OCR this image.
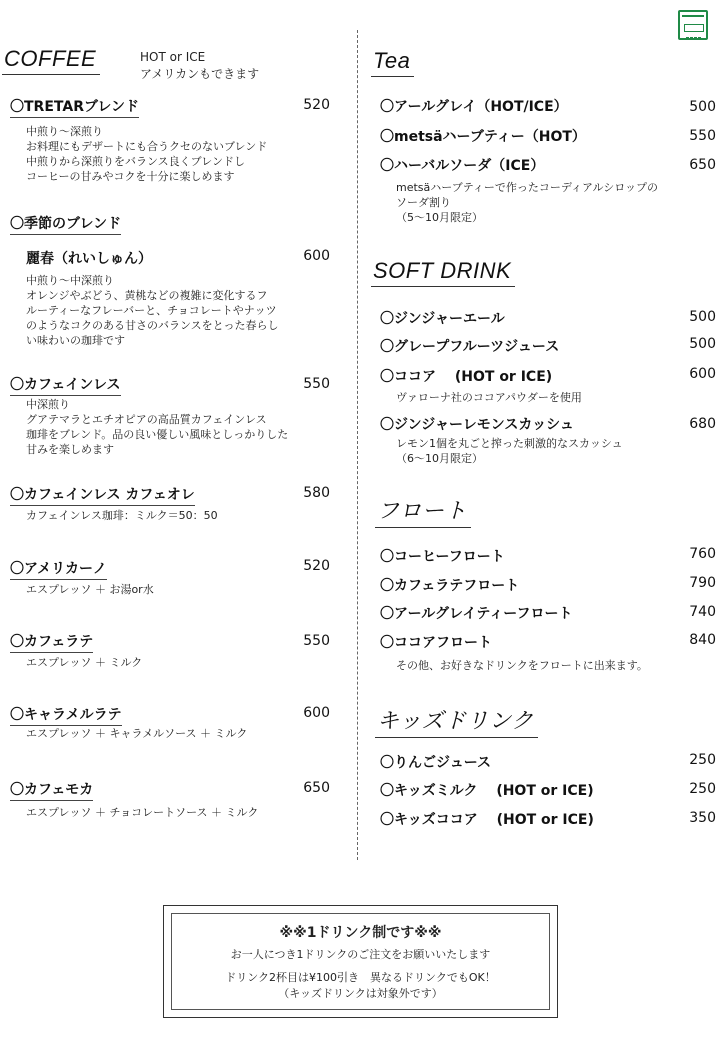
COFFEE	HOT or ICE
アメリカンもできます
〇TRETARブレンド	520
中煎り～深煎り
お料理にもデザートにも合うクセのないブレンド
中煎りから深煎りをバランス良くブレンドし
コーヒーの甘みやコクを十分に楽しめます
〇季節のブレンド
麗春（れいしゅん）	600
中煎り～中深煎り
オレンジやぶどう、黄桃などの複雑に変化するフ
ルーティーなフレーバーと、チョコレートやナッツ
のようなコクのある甘さのバランスをとった春らし
い味わいの珈琲です
〇カフェインレス	550
中深煎り
グアテマラとエチオピアの高品質カフェインレス
珈琲をブレンド。品の良い優しい風味としっかりした
甘みを楽しめます
〇カフェインレス カフェオレ	580
カフェインレス珈琲：ミルク＝50：50
〇アメリカーノ	520
エスプレッソ ＋ お湯or水
〇カフェラテ	550
エスプレッソ ＋ ミルク
〇キャラメルラテ	600
エスプレッソ ＋ キャラメルソース ＋ ミルク
〇カフェモカ	650
エスプレッソ ＋ チョコレートソース ＋ ミルク
Tea
〇アールグレイ（HOT/ICE）	500
〇metsäハーブティー（HOT）	550
〇ハーバルソーダ（ICE）	650
metsäハーブティーで作ったコーディアルシロップの
ソーダ割り
（5～10月限定）
SOFT DRINK
〇ジンジャーエール	500
〇グレープフルーツジュース	500
〇ココア　 (HOT or ICE)	600
ヴァローナ社のココアパウダーを使用
〇ジンジャーレモンスカッシュ	680
レモン1個を丸ごと搾った刺激的なスカッシュ
（6～10月限定）
フロート
〇コーヒーフロート	760
〇カフェラテフロート	790
〇アールグレイティーフロート	740
〇ココアフロート	840
その他、お好きなドリンクをフロートに出来ます。
キッズドリンク
〇りんごジュース	250
〇キッズミルク　 (HOT or ICE)	250
〇キッズココア　 (HOT or ICE)	350
※※1ドリンク制です※※
お一人につき1ドリンクのご注文をお願いいたします
ドリンク2杯目は¥100引き　異なるドリンクでもOK！
（キッズドリンクは対象外です）
